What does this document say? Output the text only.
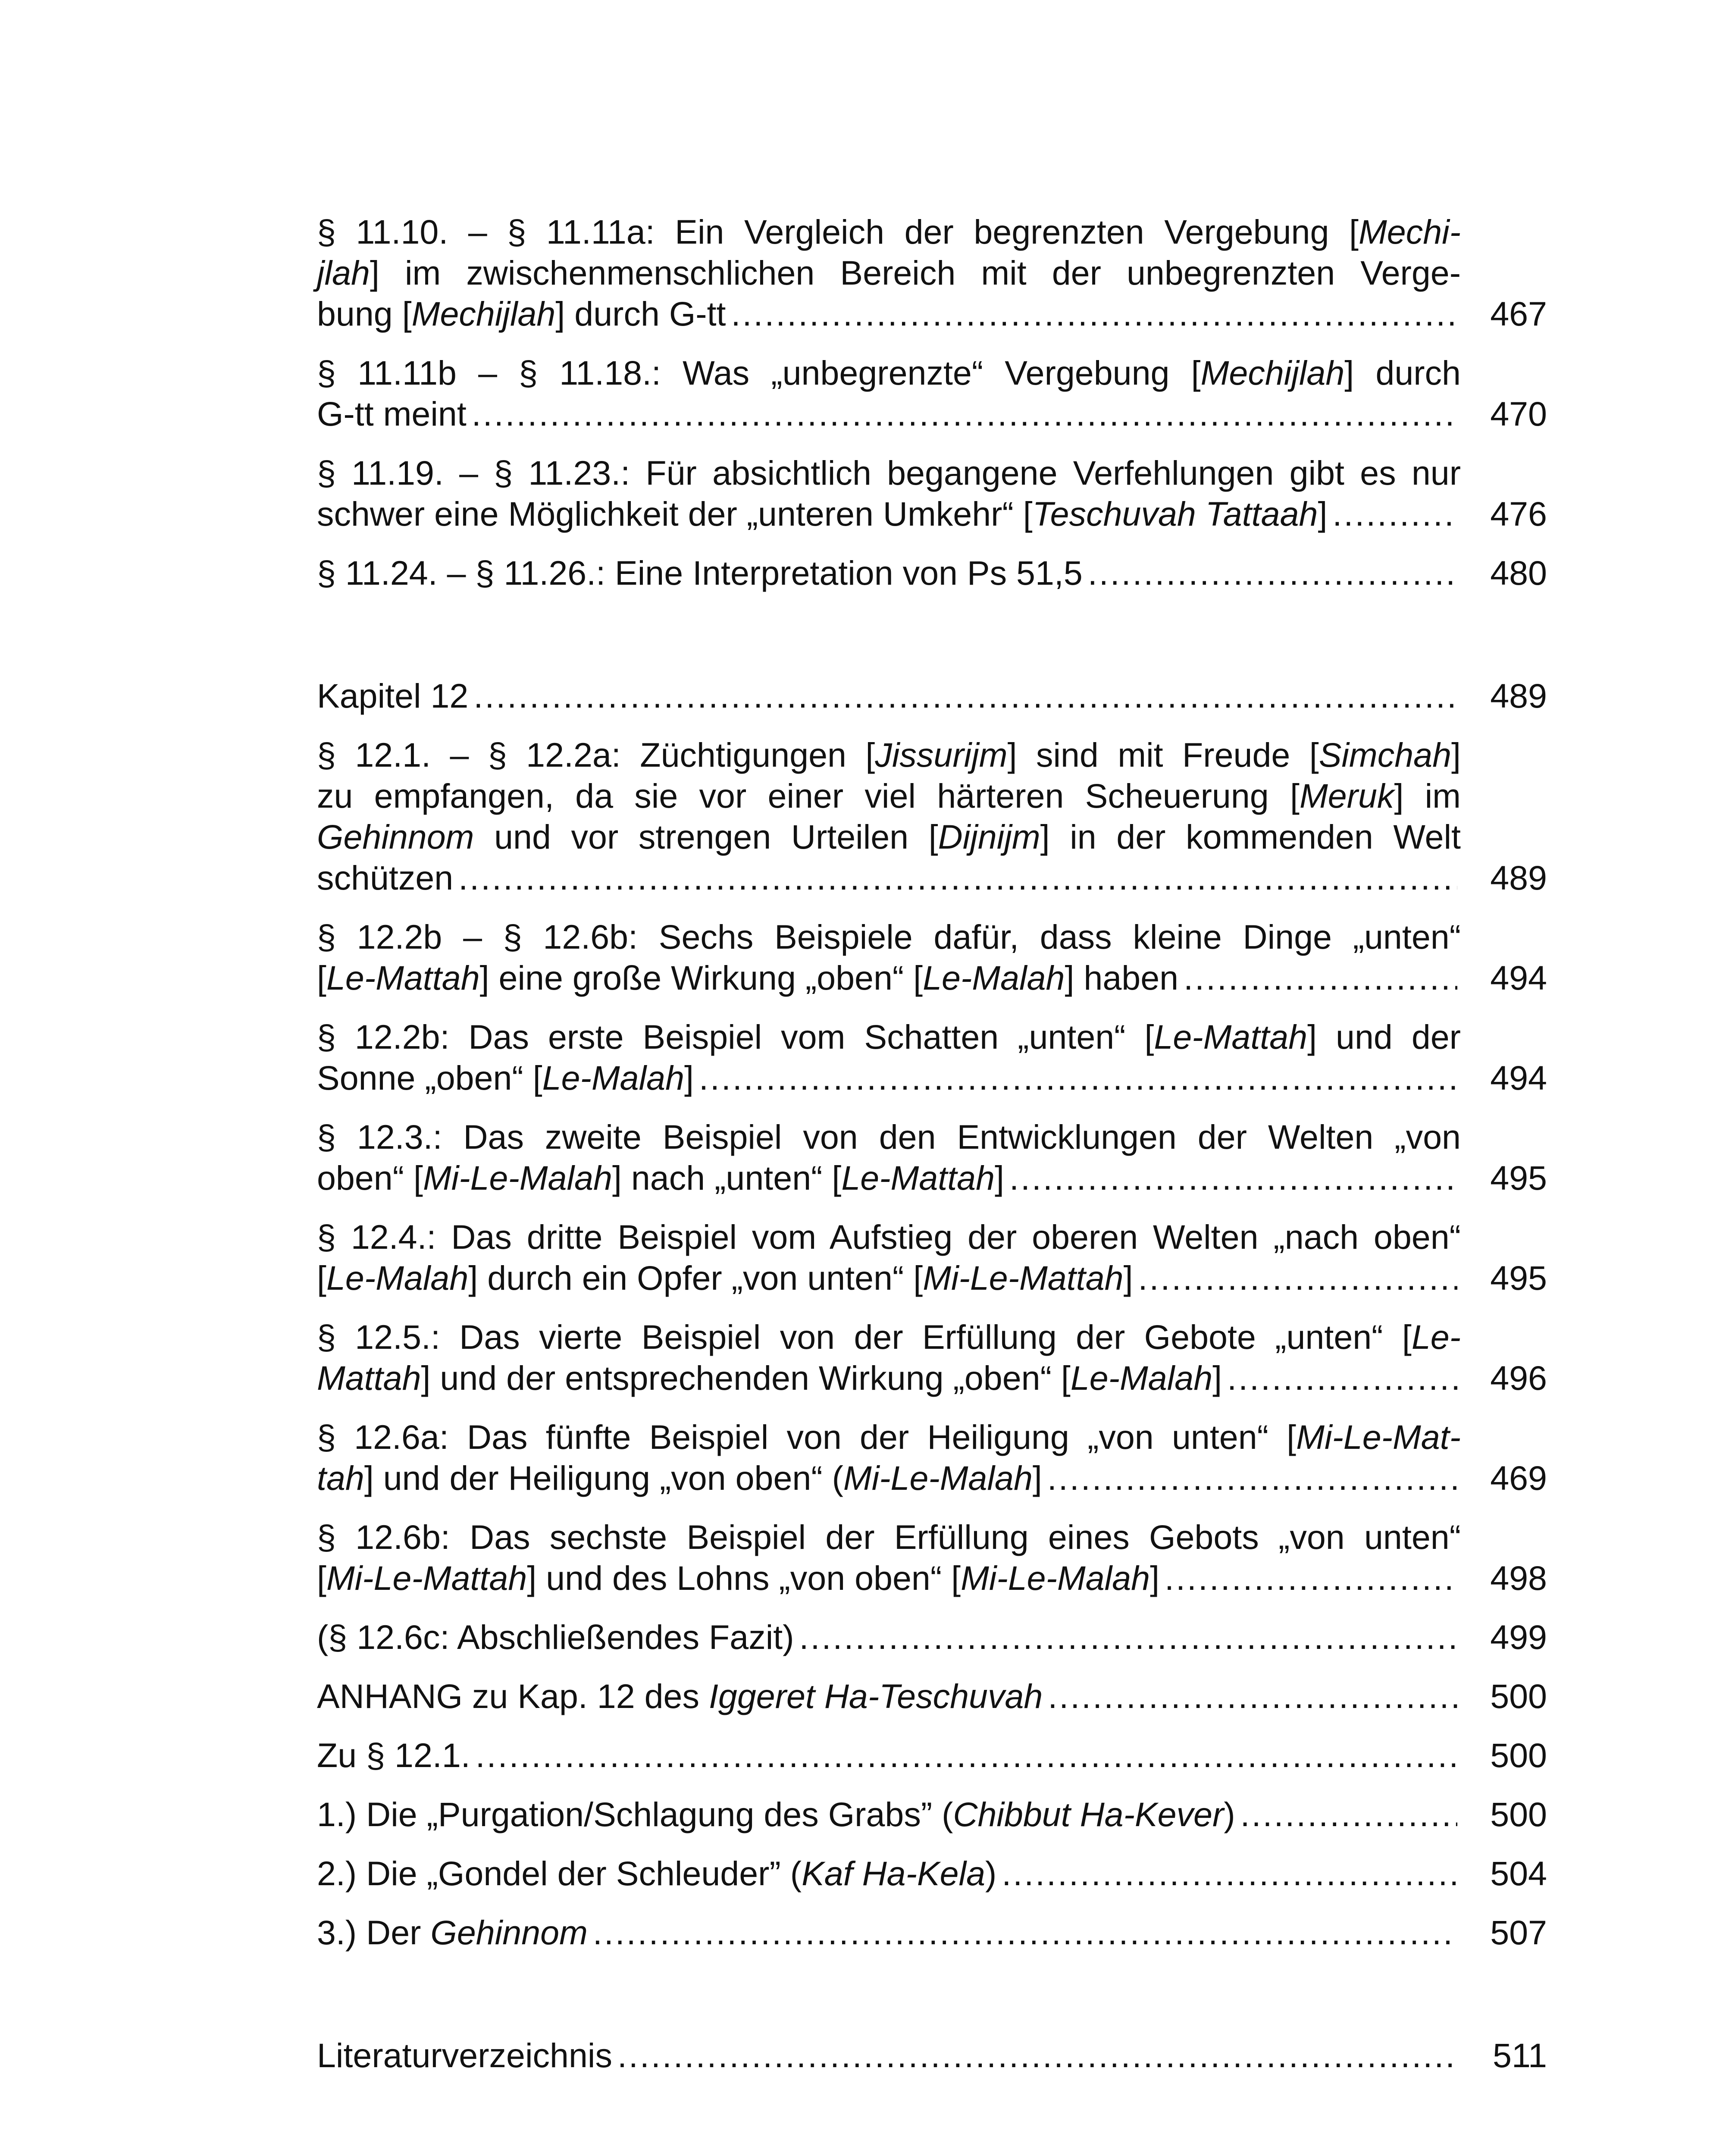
§ 11.10. – § 11.11a: Ein Vergleich der begrenzten Vergebung [Mechi-
jlah] im zwischenmenschlichen Bereich mit der unbegrenzten Verge-
bung [Mechijlah] durch G-tt .....	467
§ 11.11b – § 11.18.: Was „unbegrenzte“ Vergebung [Mechijlah] durch
G-tt meint .....	470
§ 11.19. – § 11.23.: Für absichtlich begangene Verfehlungen gibt es nur
schwer eine Möglichkeit der „unteren Umkehr“ [Teschuvah Tattaah] .....	476
§ 11.24. – § 11.26.: Eine Interpretation von Ps 51,5 .....	480
Kapitel 12 .....	489
§ 12.1. – § 12.2a: Züchtigungen [Jissurijm] sind mit Freude [Simchah]
zu empfangen, da sie vor einer viel härteren Scheuerung [Meruk] im
Gehinnom und vor strengen Urteilen [Dijnijm] in der kommenden Welt
schützen .....	489
§ 12.2b – § 12.6b: Sechs Beispiele dafür, dass kleine Dinge „unten“
[Le-Mattah] eine große Wirkung „oben“ [Le-Malah] haben .....	494
§ 12.2b: Das erste Beispiel vom Schatten „unten“ [Le-Mattah] und der
Sonne „oben“ [Le-Malah] .....	494
§ 12.3.: Das zweite Beispiel von den Entwicklungen der Welten „von
oben“ [Mi-Le-Malah] nach „unten“ [Le-Mattah] .....	495
§ 12.4.: Das dritte Beispiel vom Aufstieg der oberen Welten „nach oben“
[Le-Malah] durch ein Opfer „von unten“ [Mi-Le-Mattah] .....	495
§ 12.5.: Das vierte Beispiel von der Erfüllung der Gebote „unten“ [Le-
Mattah] und der entsprechenden Wirkung „oben“ [Le-Malah] .....	496
§ 12.6a: Das fünfte Beispiel von der Heiligung „von unten“ [Mi-Le-Mat-
tah] und der Heiligung „von oben“ (Mi-Le-Malah] .....	469
§ 12.6b: Das sechste Beispiel der Erfüllung eines Gebots „von unten“
[Mi-Le-Mattah] und des Lohns „von oben“ [Mi-Le-Malah] .....	498
(§ 12.6c: Abschließendes Fazit) .....	499
ANHANG zu Kap. 12 des Iggeret Ha-Teschuvah .....	500
Zu § 12.1. .....	500
1.) Die „Purgation/Schlagung des Grabs” (Chibbut Ha-Kever) .....	500
2.) Die „Gondel der Schleuder” (Kaf Ha-Kela) .....	504
3.) Der Gehinnom .....	507
Literaturverzeichnis .....	511
